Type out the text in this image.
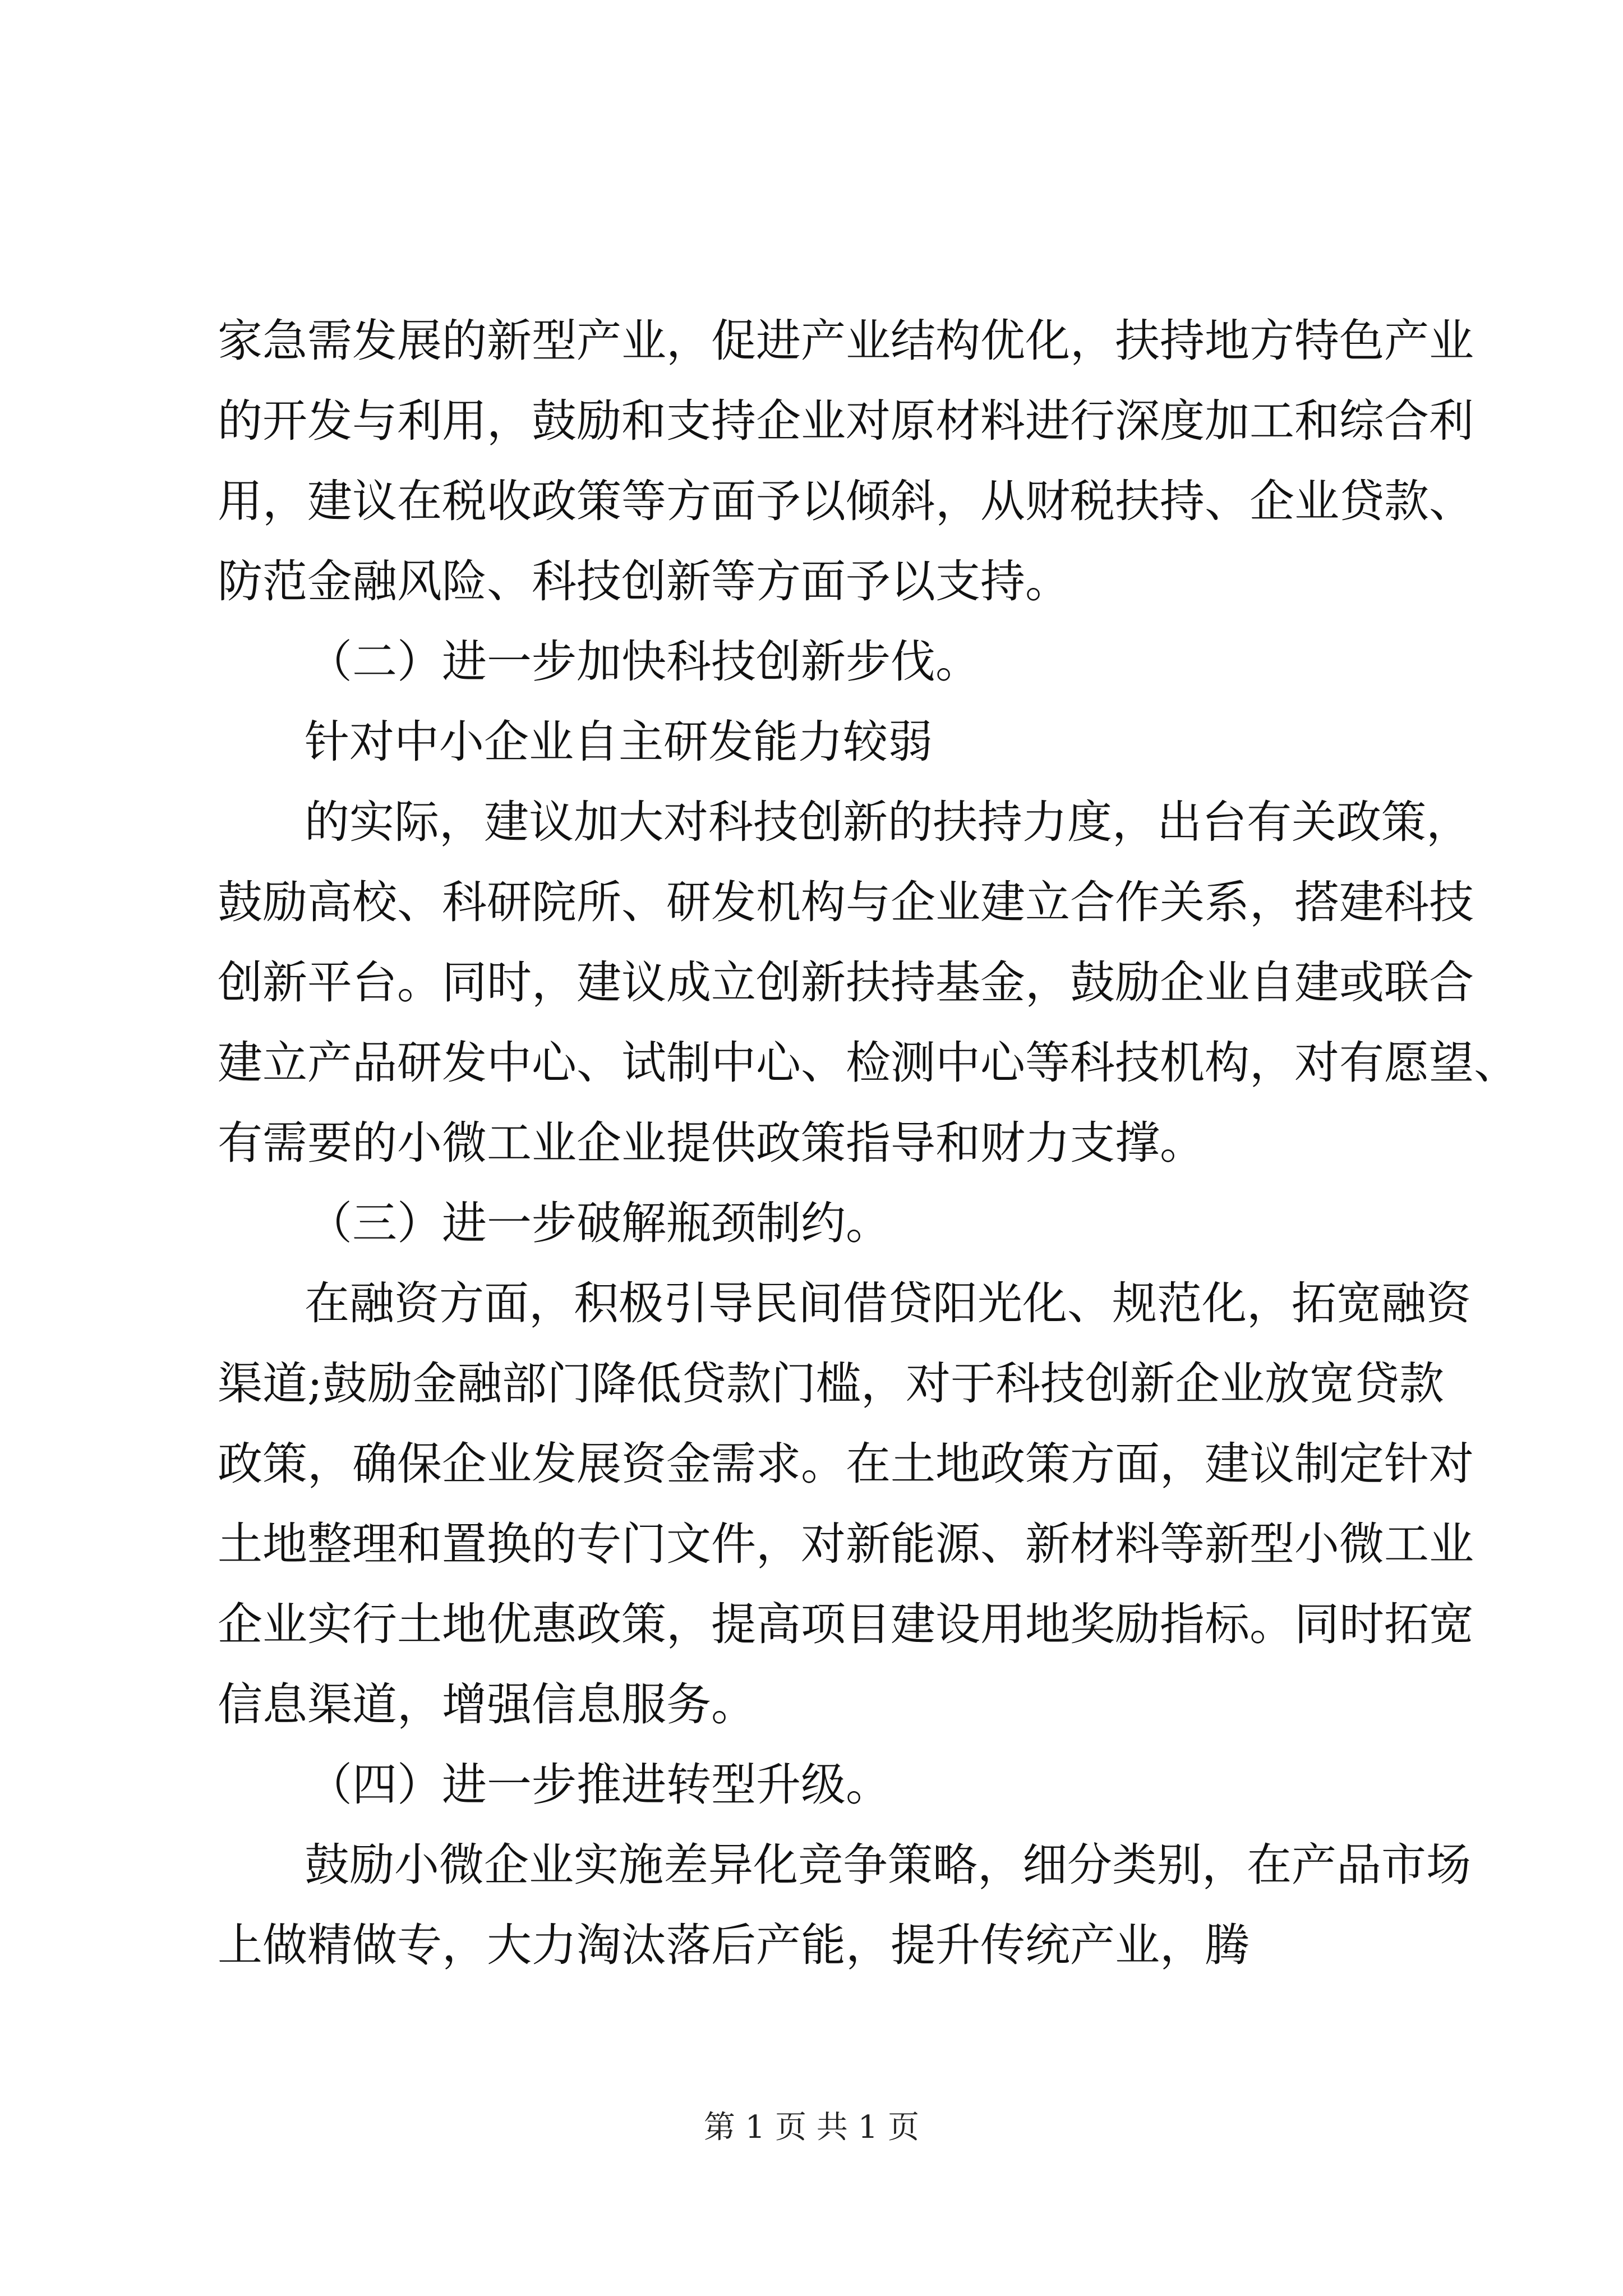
家急需发展的新型产业，促进产业结构优化，扶持地方特色产业
的开发与利用，鼓励和支持企业对原材料进行深度加工和综合利
用，建议在税收政策等方面予以倾斜，从财税扶持、企业贷款、
防范金融风险、科技创新等方面予以支持。
（二）进一步加快科技创新步伐。
针对中小企业自主研发能力较弱
的实际，建议加大对科技创新的扶持力度，出台有关政策，
鼓励高校、科研院所、研发机构与企业建立合作关系，搭建科技
创新平台。同时，建议成立创新扶持基金，鼓励企业自建或联合
建立产品研发中心、试制中心、检测中心等科技机构，对有愿望、
有需要的小微工业企业提供政策指导和财力支撑。
（三）进一步破解瓶颈制约。
在融资方面，积极引导民间借贷阳光化、规范化，拓宽融资
渠道;鼓励金融部门降低贷款门槛，对于科技创新企业放宽贷款
政策，确保企业发展资金需求。在土地政策方面，建议制定针对
土地整理和置换的专门文件，对新能源、新材料等新型小微工业
企业实行土地优惠政策，提高项目建设用地奖励指标。同时拓宽
信息渠道，增强信息服务。
（四）进一步推进转型升级。
鼓励小微企业实施差异化竞争策略，细分类别，在产品市场
上做精做专，大力淘汰落后产能，提升传统产业，腾
第 1 页 共 1 页
